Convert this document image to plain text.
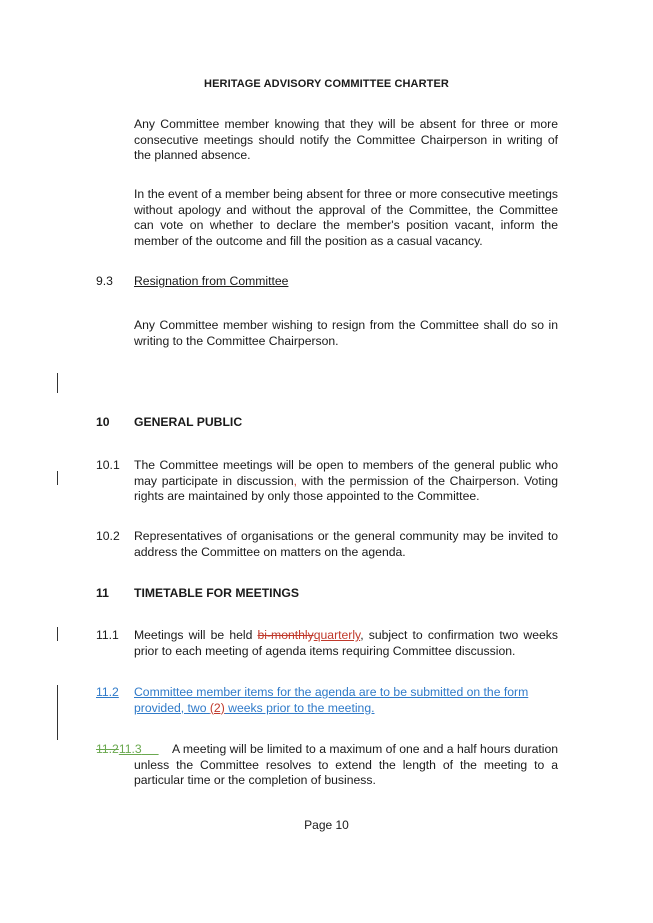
HERITAGE ADVISORY COMMITTEE CHARTER
Any Committee member knowing that they will be absent for three or more consecutive meetings should notify the Committee Chairperson in writing of the planned absence.
In the event of a member being absent for three or more consecutive meetings without apology and without the approval of the Committee, the Committee can vote on whether to declare the member's position vacant, inform the member of the outcome and fill the position as a casual vacancy.
9.3 Resignation from Committee
Any Committee member wishing to resign from the Committee shall do so in writing to the Committee Chairperson.
10 GENERAL PUBLIC
10.1 The Committee meetings will be open to members of the general public who may participate in discussion, with the permission of the Chairperson. Voting rights are maintained by only those appointed to the Committee.
10.2 Representatives of organisations or the general community may be invited to address the Committee on matters on the agenda.
11 TIMETABLE FOR MEETINGS
11.1 Meetings will be held bi-monthlyquarterly, subject to confirmation two weeks prior to each meeting of agenda items requiring Committee discussion.
11.2 Committee member items for the agenda are to be submitted on the form provided, two (2) weeks prior to the meeting.
11.211.3	A meeting will be limited to a maximum of one and a half hours duration unless the Committee resolves to extend the length of the meeting to a particular time or the completion of business.
Page 10
